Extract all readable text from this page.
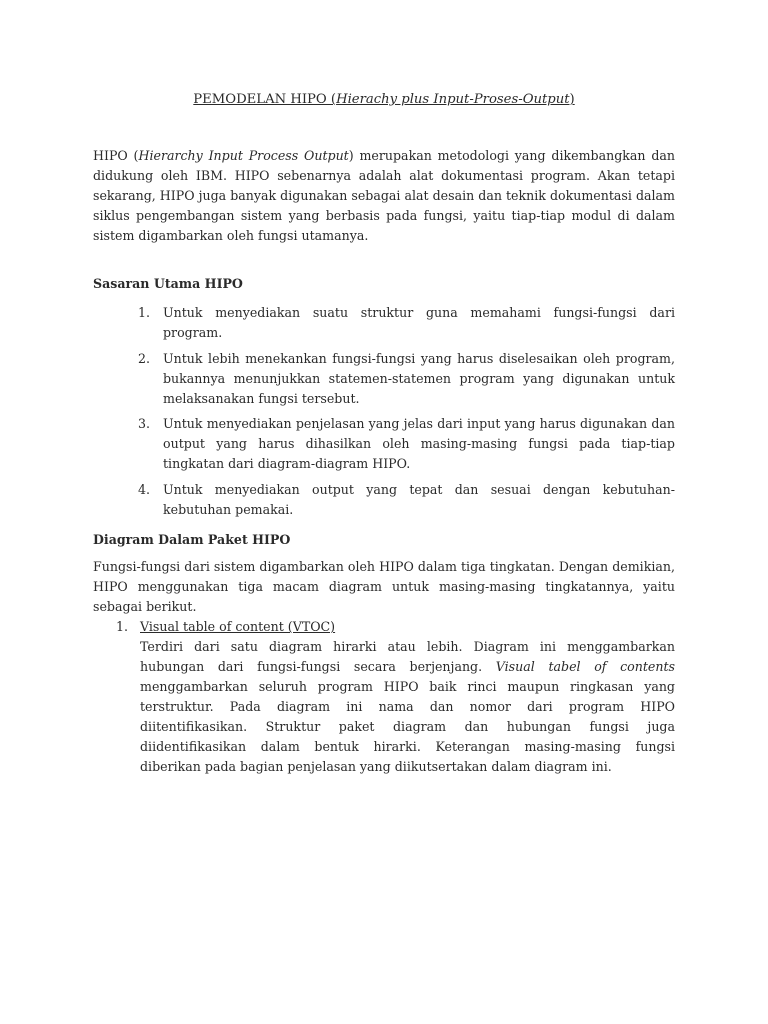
PEMODELAN HIPO (Hierachy plus Input-Proses-Output)

HIPO (Hierarchy Input Process Output) merupakan metodologi yang dikembangkan dan didukung oleh IBM. HIPO sebenarnya adalah alat dokumentasi program. Akan tetapi sekarang, HIPO juga banyak digunakan sebagai alat desain dan teknik dokumentasi dalam siklus pengembangan sistem yang berbasis pada fungsi, yaitu tiap-tiap modul di dalam sistem digambarkan oleh fungsi utamanya.

Sasaran Utama HIPO

1. Untuk menyediakan suatu struktur guna memahami fungsi-fungsi dari program.
2. Untuk lebih menekankan fungsi-fungsi yang harus diselesaikan oleh program, bukannya menunjukkan statemen-statemen program yang digunakan untuk melaksanakan fungsi tersebut.
3. Untuk menyediakan penjelasan yang jelas dari input yang harus digunakan dan output yang harus dihasilkan oleh masing-masing fungsi pada tiap-tiap tingkatan dari diagram-diagram HIPO.
4. Untuk menyediakan output yang tepat dan sesuai dengan kebutuhan-kebutuhan pemakai.

Diagram Dalam Paket HIPO

Fungsi-fungsi dari sistem digambarkan oleh HIPO dalam tiga tingkatan. Dengan demikian, HIPO menggunakan tiga macam diagram untuk masing-masing tingkatannya, yaitu sebagai berikut.

1. Visual table of content (VTOC)
Terdiri dari satu diagram hirarki atau lebih. Diagram ini menggambarkan hubungan dari fungsi-fungsi secara berjenjang. Visual tabel of contents menggambarkan seluruh program HIPO baik rinci maupun ringkasan yang terstruktur. Pada diagram ini nama dan nomor dari program HIPO diitentifikasikan. Struktur paket diagram dan hubungan fungsi juga diidentifikasikan dalam bentuk hirarki. Keterangan masing-masing fungsi diberikan pada bagian penjelasan yang diikutsertakan dalam diagram ini.
